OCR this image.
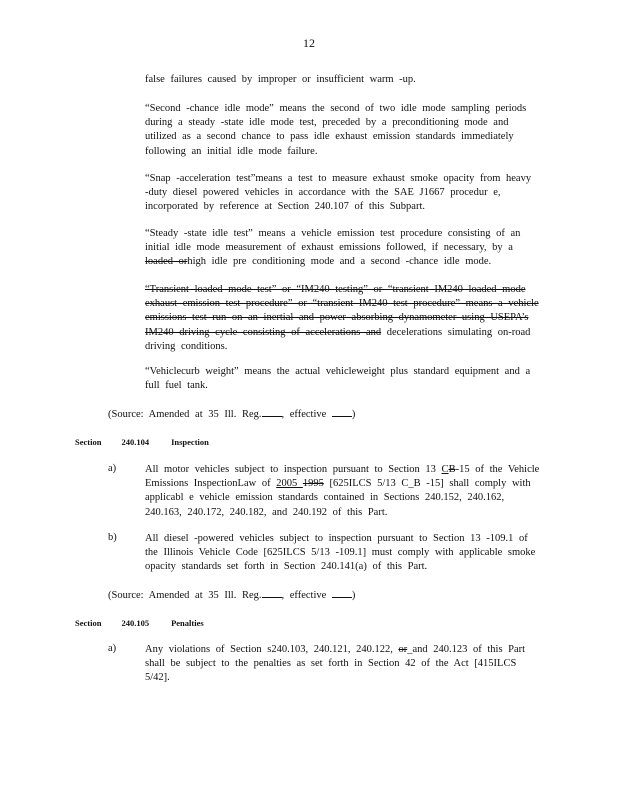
12

false failures caused by improper or insufficient warm -up.

“Second -chance idle mode” means the second of two idle mode sampling periods during a steady -state idle mode test, preceded by a preconditioning mode and utilized as a second chance to pass idle exhaust emission standards immediately following an initial idle mode failure.

“Snap -acceleration test”means a test to measure exhaust smoke opacity from heavy -duty diesel powered vehicles in accordance with the SAE J1667 procedur e, incorporated by reference at Section 240.107 of this Subpart.

“Steady -state idle test” means a vehicle emission test procedure consisting of an initial idle mode measurement of exhaust emissions followed, if necessary, by a loaded orhigh idle pre conditioning mode and a second -chance idle mode.

“Transient loaded mode test” or “IM240 testing” or “transient IM240 loaded mode exhaust emission test procedure” or “transient IM240 test procedure” means a vehicle emissions test run on an inertial and power absorbing dynamometer using USEPA’s IM240 driving cycle consisting of accelerations and decelerations simulating on-road driving conditions.

“Vehiclecurb weight” means the actual vehicleweight plus standard equipment and a full fuel tank.

(Source: Amended at 35 Ill. Reg. , effective )

Section 240.104	Inspection
a)	All motor vehicles subject to inspection pursuant to Section 13 CB-15 of the Vehicle Emissions InspectionLaw of 2005 1995 [625ILCS 5/13 C_B -15] shall comply with applicabl e vehicle emission standards contained in Sections 240.152, 240.162, 240.163, 240.172, 240.182, and 240.192 of this Part.

b)	All diesel -powered vehicles subject to inspection pursuant to Section 13 -109.1 of the Illinois Vehicle Code [625ILCS 5/13 -109.1] must comply with applicable smoke opacity standards set forth in Section 240.141(a) of this Part.

(Source: Amended at 35 Ill. Reg. , effective )

Section 240.105	Penalties
a)	Any violations of Section s240.103, 240.121, 240.122, or_and 240.123 of this Part shall be subject to the penalties as set forth in Section 42 of the Act [415ILCS 5/42].
